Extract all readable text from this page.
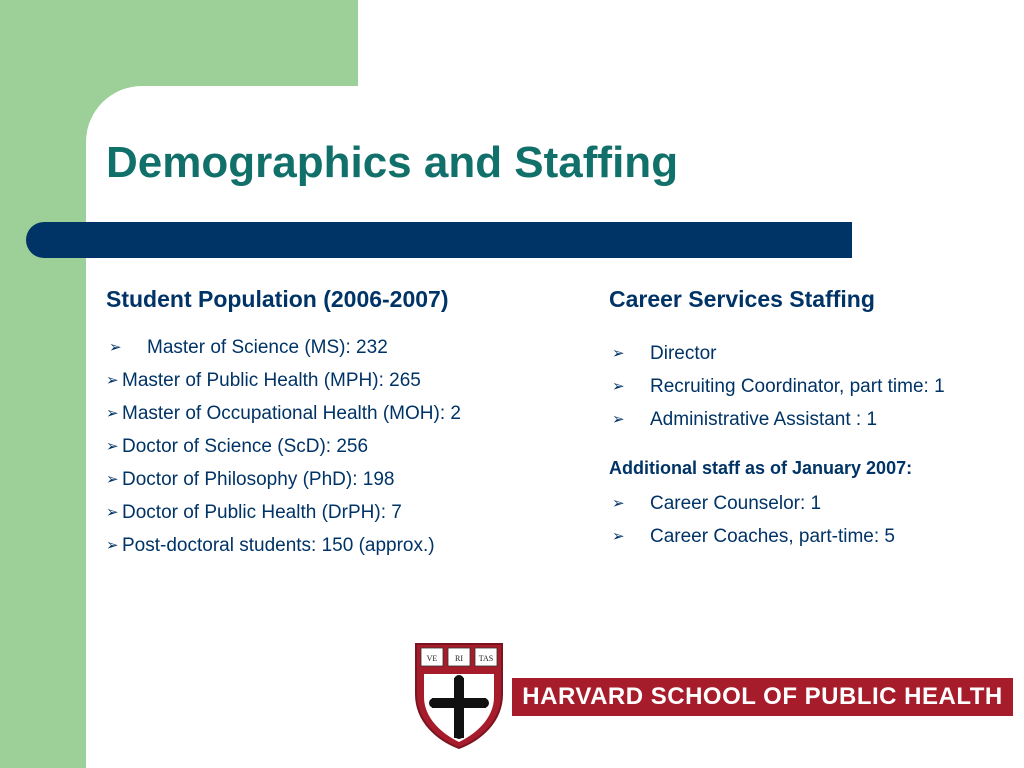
Demographics and Staffing
Student Population (2006-2007)
➢	Master of Science (MS): 232
➢ Master of Public Health (MPH): 265
➢ Master of Occupational Health (MOH): 2
➢ Doctor of Science (ScD): 256
➢ Doctor of Philosophy (PhD): 198
➢ Doctor of Public Health (DrPH): 7
➢ Post-doctoral students: 150 (approx.)
Career Services Staffing
➢	Director
➢	Recruiting Coordinator, part time: 1
➢	Administrative Assistant : 1
Additional staff as of January 2007:
➢	Career Counselor: 1
➢	Career Coaches, part-time: 5
VE RI TAS
HARVARD SCHOOL OF PUBLIC HEALTH
